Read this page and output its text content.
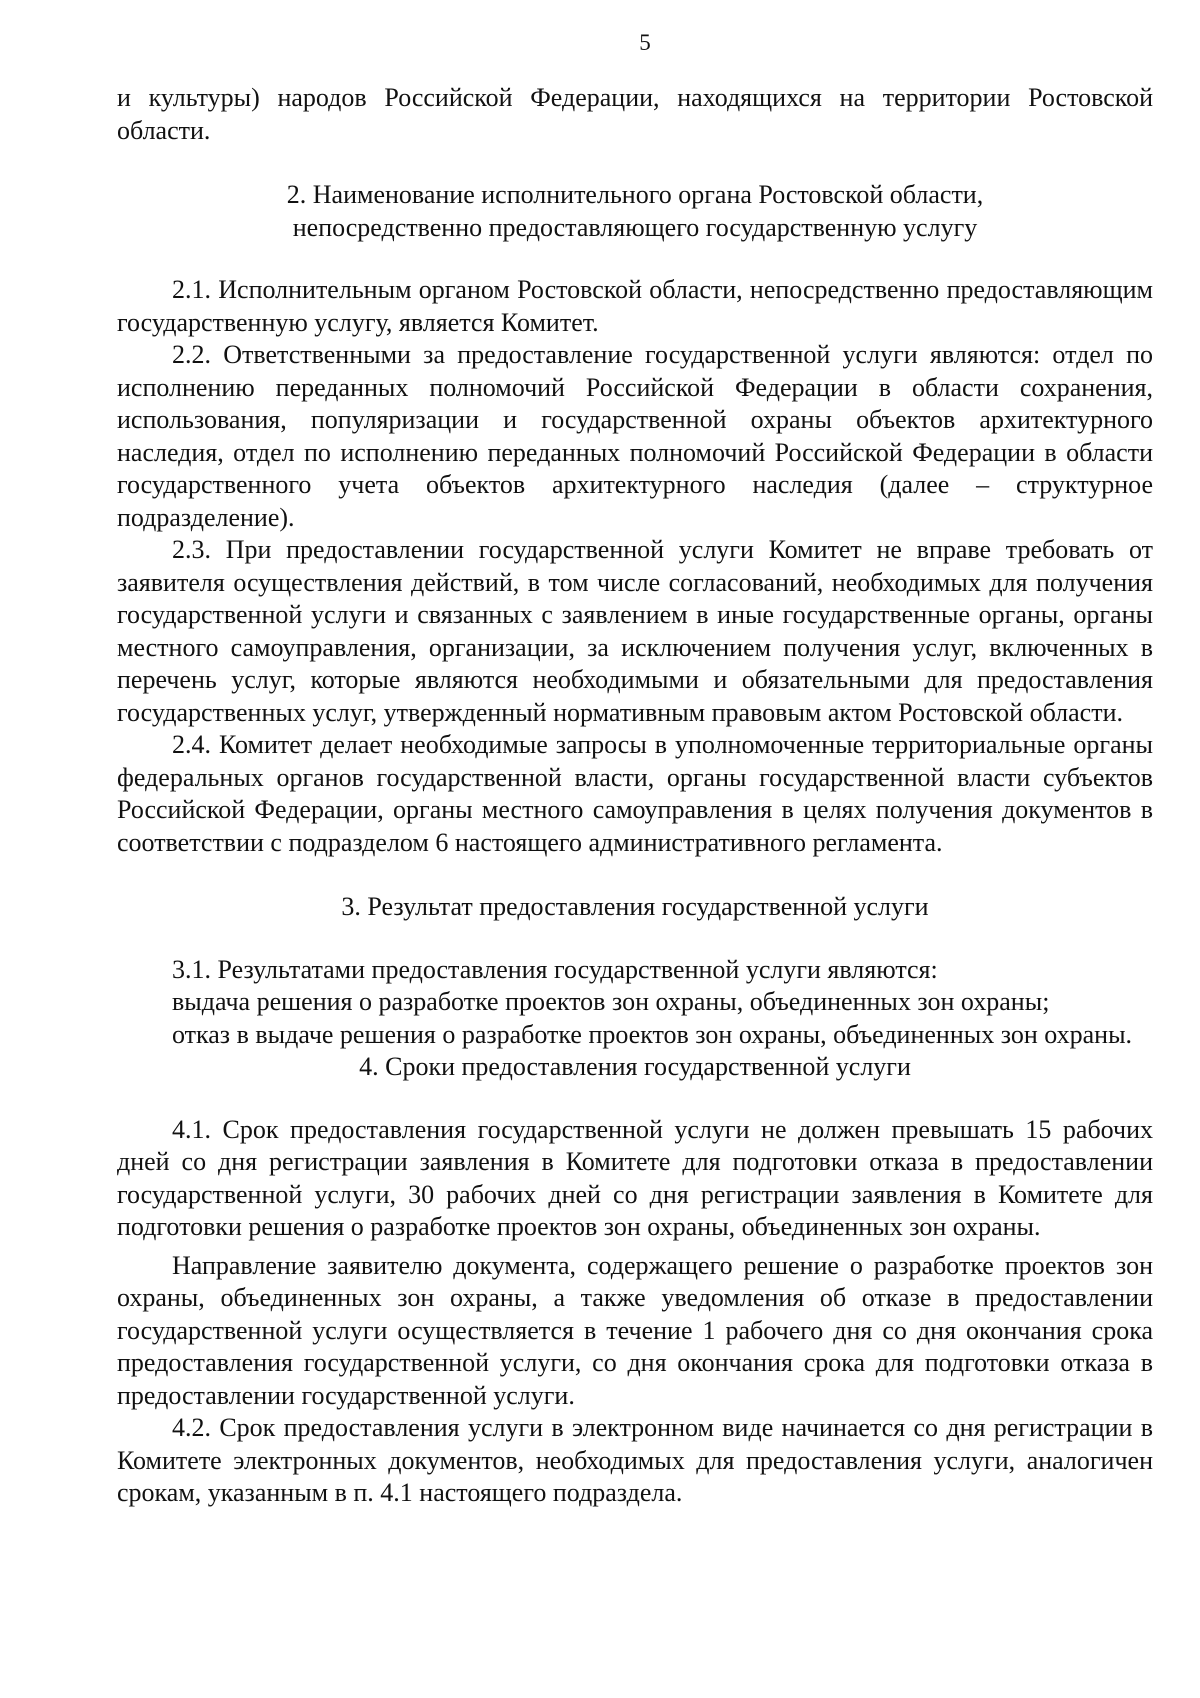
5

и культуры) народов Российской Федерации, находящихся на территории Ростовской области.

2. Наименование исполнительного органа Ростовской области,
непосредственно предоставляющего государственную услугу

2.1. Исполнительным органом Ростовской области, непосредственно предоставляющим государственную услугу, является Комитет.

2.2. Ответственными за предоставление государственной услуги являются: отдел по исполнению переданных полномочий Российской Федерации в области сохранения, использования, популяризации и государственной охраны объектов архитектурного наследия, отдел по исполнению переданных полномочий Российской Федерации в области государственного учета объектов архитектурного наследия (далее – структурное подразделение).

2.3. При предоставлении государственной услуги Комитет не вправе требовать от заявителя осуществления действий, в том числе согласований, необходимых для получения государственной услуги и связанных с заявлением в иные государственные органы, органы местного самоуправления, организации, за исключением получения услуг, включенных в перечень услуг, которые являются необходимыми и обязательными для предоставления государственных услуг, утвержденный нормативным правовым актом Ростовской области.

2.4. Комитет делает необходимые запросы в уполномоченные территориальные органы федеральных органов государственной власти, органы государственной власти субъектов Российской Федерации, органы местного самоуправления в целях получения документов в соответствии с подразделом 6 настоящего административного регламента.

3. Результат предоставления государственной услуги

3.1. Результатами предоставления государственной услуги являются:

выдача решения о разработке проектов зон охраны, объединенных зон охраны;

отказ в выдаче решения о разработке проектов зон охраны, объединенных зон охраны.

4. Сроки предоставления государственной услуги

4.1. Срок предоставления государственной услуги не должен превышать 15 рабочих дней со дня регистрации заявления в Комитете для подготовки отказа в предоставлении государственной услуги, 30 рабочих дней со дня регистрации заявления в Комитете для подготовки решения о разработке проектов зон охраны, объединенных зон охраны.

Направление заявителю документа, содержащего решение о разработке проектов зон охраны, объединенных зон охраны, а также уведомления об отказе в предоставлении государственной услуги осуществляется в течение 1 рабочего дня со дня окончания срока предоставления государственной услуги, со дня окончания срока для подготовки отказа в предоставлении государственной услуги.

4.2. Срок предоставления услуги в электронном виде начинается со дня регистрации в Комитете электронных документов, необходимых для предоставления услуги, аналогичен срокам, указанным в п. 4.1 настоящего подраздела.
